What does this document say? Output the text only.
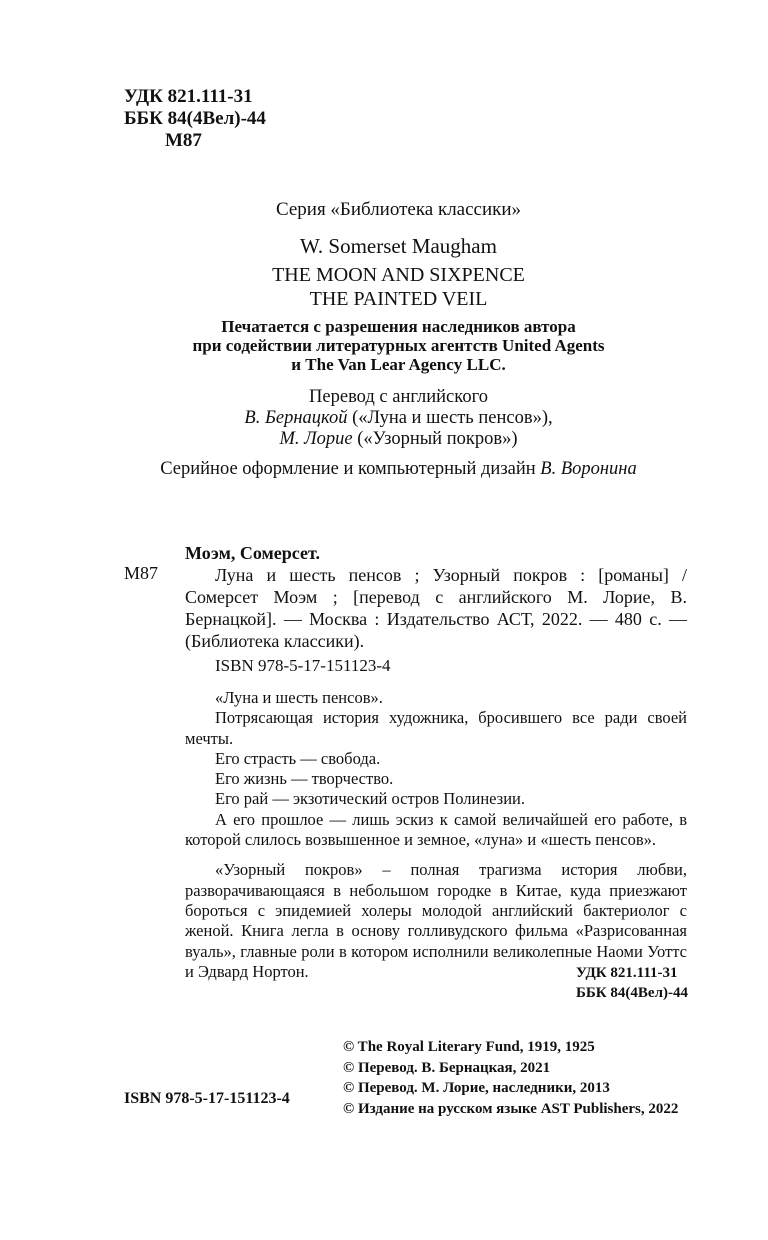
УДК 821.111-31
ББК 84(4Вел)-44
М87
Серия «Библиотека классики»
W. Somerset Maugham
THE MOON AND SIXPENCE
THE PAINTED VEIL
Печатается с разрешения наследников автора
при содействии литературных агентств United Agents
и The Van Lear Agency LLC.
Перевод с английского
В. Бернацкой («Луна и шесть пенсов»),
М. Лорие («Узорный покров»)
Серийное оформление и компьютерный дизайн В. Воронина
Моэм, Сомерсет.
М87	Луна и шесть пенсов ; Узорный покров : [романы] / Сомерсет Моэм ; [перевод с английского М. Лорие, В. Бернацкой]. — Москва : Издательство АСТ, 2022. — 480 с. — (Библиотека классики).

ISBN 978-5-17-151123-4

«Луна и шесть пенсов».

Потрясающая история художника, бросившего все ради своей мечты.

Его страсть — свобода.

Его жизнь — творчество.

Его рай — экзотический остров Полинезии.

А его прошлое — лишь эскиз к самой величайшей его работе, в которой слилось возвышенное и земное, «луна» и «шесть пенсов».

«Узорный покров» – полная трагизма история любви, разворачивающаяся в небольшом городке в Китае, куда приезжают бороться с эпидемией холеры молодой английский бактериолог с женой. Книга легла в основу голливудского фильма «Разрисованная вуаль», главные роли в котором исполнили великолепные Наоми Уоттс и Эдвард Нортон.	УДК 821.111-31
ББК 84(4Вел)-44
© The Royal Literary Fund, 1919, 1925
© Перевод. В. Бернацкая, 2021
© Перевод. М. Лорие, наследники, 2013
© Издание на русском языке AST Publishers, 2022
ISBN 978-5-17-151123-4
